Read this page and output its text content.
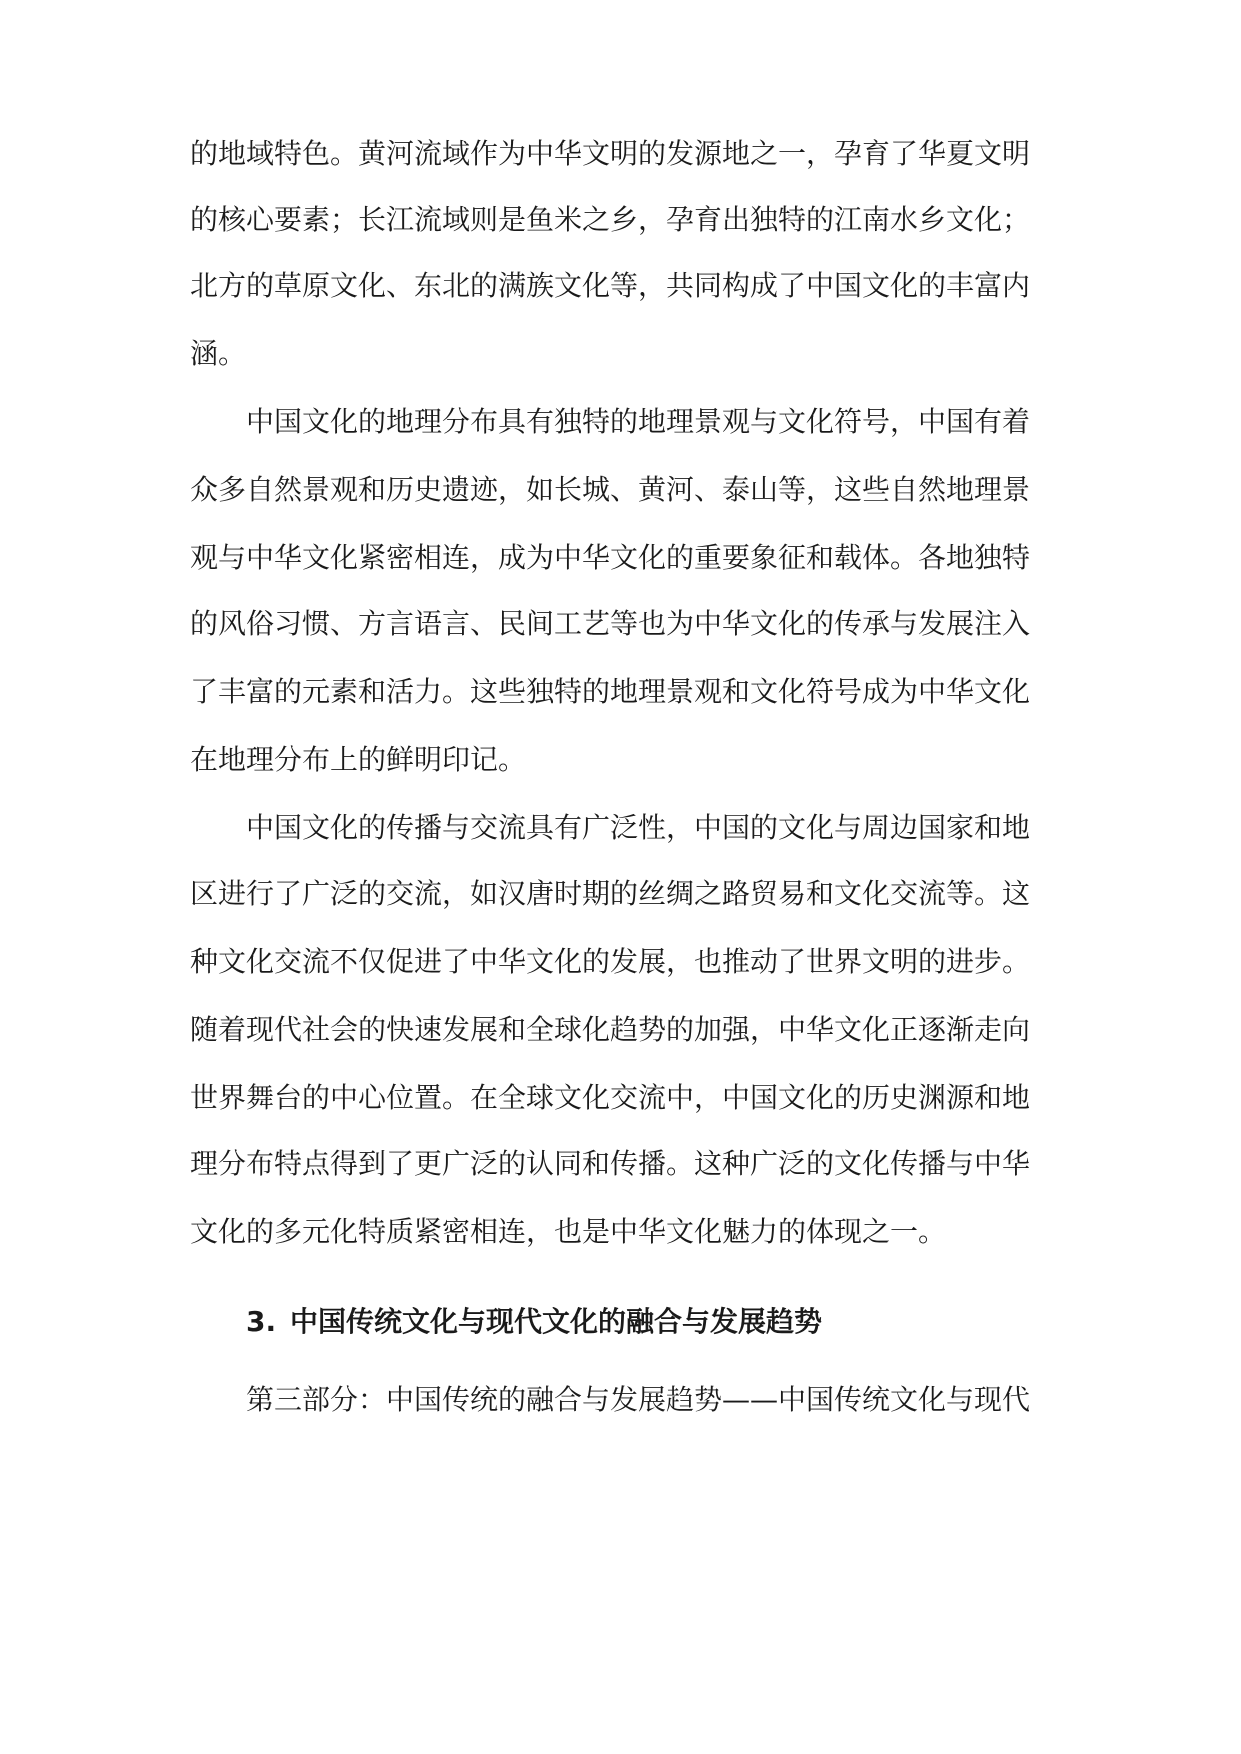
的地域特色。黄河流域作为中华文明的发源地之一，孕育了华夏文明
的核心要素；长江流域则是鱼米之乡，孕育出独特的江南水乡文化；
北方的草原文化、东北的满族文化等，共同构成了中国文化的丰富内
涵。
中国文化的地理分布具有独特的地理景观与文化符号，中国有着
众多自然景观和历史遗迹，如长城、黄河、泰山等，这些自然地理景
观与中华文化紧密相连，成为中华文化的重要象征和载体。各地独特
的风俗习惯、方言语言、民间工艺等也为中华文化的传承与发展注入
了丰富的元素和活力。这些独特的地理景观和文化符号成为中华文化
在地理分布上的鲜明印记。
中国文化的传播与交流具有广泛性，中国的文化与周边国家和地
区进行了广泛的交流，如汉唐时期的丝绸之路贸易和文化交流等。这
种文化交流不仅促进了中华文化的发展，也推动了世界文明的进步。
随着现代社会的快速发展和全球化趋势的加强，中华文化正逐渐走向
世界舞台的中心位置。在全球文化交流中，中国文化的历史渊源和地
理分布特点得到了更广泛的认同和传播。这种广泛的文化传播与中华
文化的多元化特质紧密相连，也是中华文化魅力的体现之一。
3. 中国传统文化与现代文化的融合与发展趋势
第三部分：中国传统的融合与发展趋势——中国传统文化与现代
